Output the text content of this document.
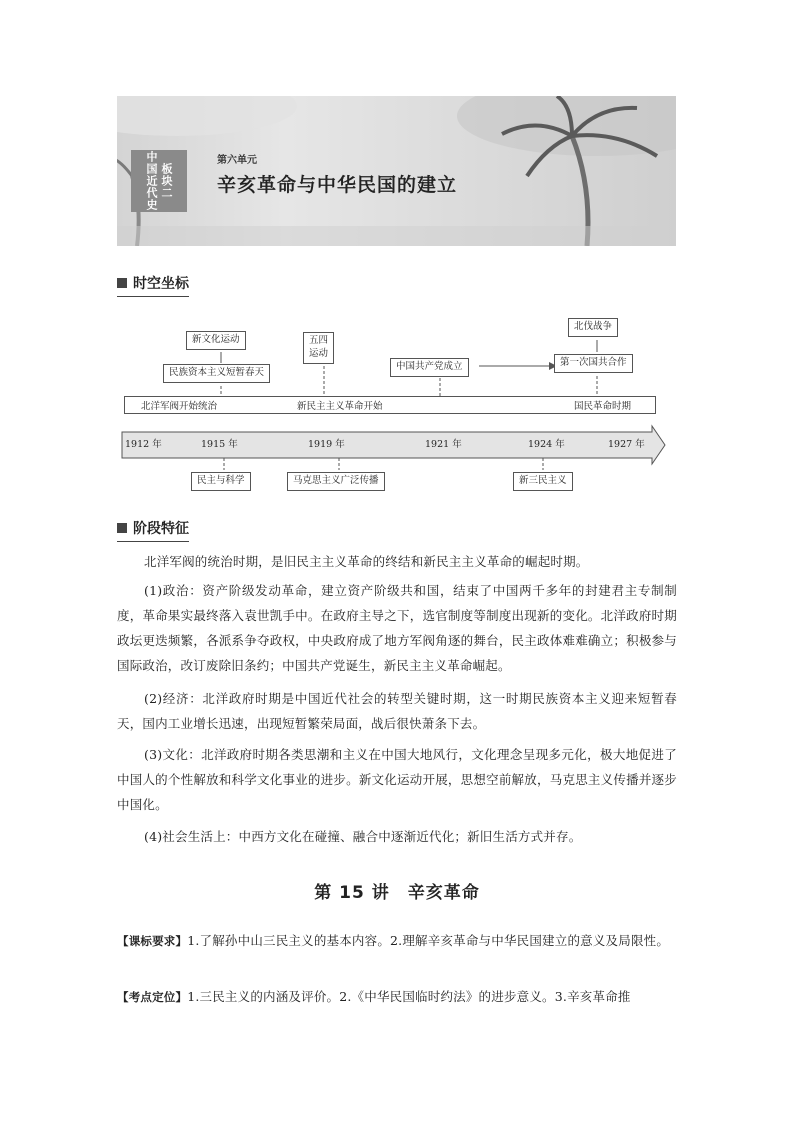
中国近代史 板块二
第六单元
辛亥革命与中华民国的建立
时空坐标
新文化运动
民族资本主义短暂春天
五四
运动
中国共产党成立
北伐战争
第一次国共合作
北洋军阀开始统治	新民主主义革命开始	国民革命时期
1912 年	1915 年	1919 年	1921 年	1924 年	1927 年
民主与科学	马克思主义广泛传播	新三民主义
阶段特征
北洋军阀的统治时期，是旧民主主义革命的终结和新民主主义革命的崛起时期。
(1)政治：资产阶级发动革命，建立资产阶级共和国，结束了中国两千多年的封建君主专制制度，革命果实最终落入袁世凯手中。在政府主导之下，选官制度等制度出现新的变化。北洋政府时期政坛更迭频繁，各派系争夺政权，中央政府成了地方军阀角逐的舞台，民主政体难难确立；积极参与国际政治，改订废除旧条约；中国共产党诞生，新民主主义革命崛起。
(2)经济：北洋政府时期是中国近代社会的转型关键时期，这一时期民族资本主义迎来短暂春天，国内工业增长迅速，出现短暂繁荣局面，战后很快萧条下去。
(3)文化：北洋政府时期各类思潮和主义在中国大地风行，文化理念呈现多元化，极大地促进了中国人的个性解放和科学文化事业的进步。新文化运动开展，思想空前解放，马克思主义传播并逐步中国化。
(4)社会生活上：中西方文化在碰撞、融合中逐渐近代化；新旧生活方式并存。
第 15 讲　辛亥革命
【课标要求】1.了解孙中山三民主义的基本内容。2.理解辛亥革命与中华民国建立的意义及局限性。
【考点定位】1.三民主义的内涵及评价。2.《中华民国临时约法》的进步意义。3.辛亥革命推
